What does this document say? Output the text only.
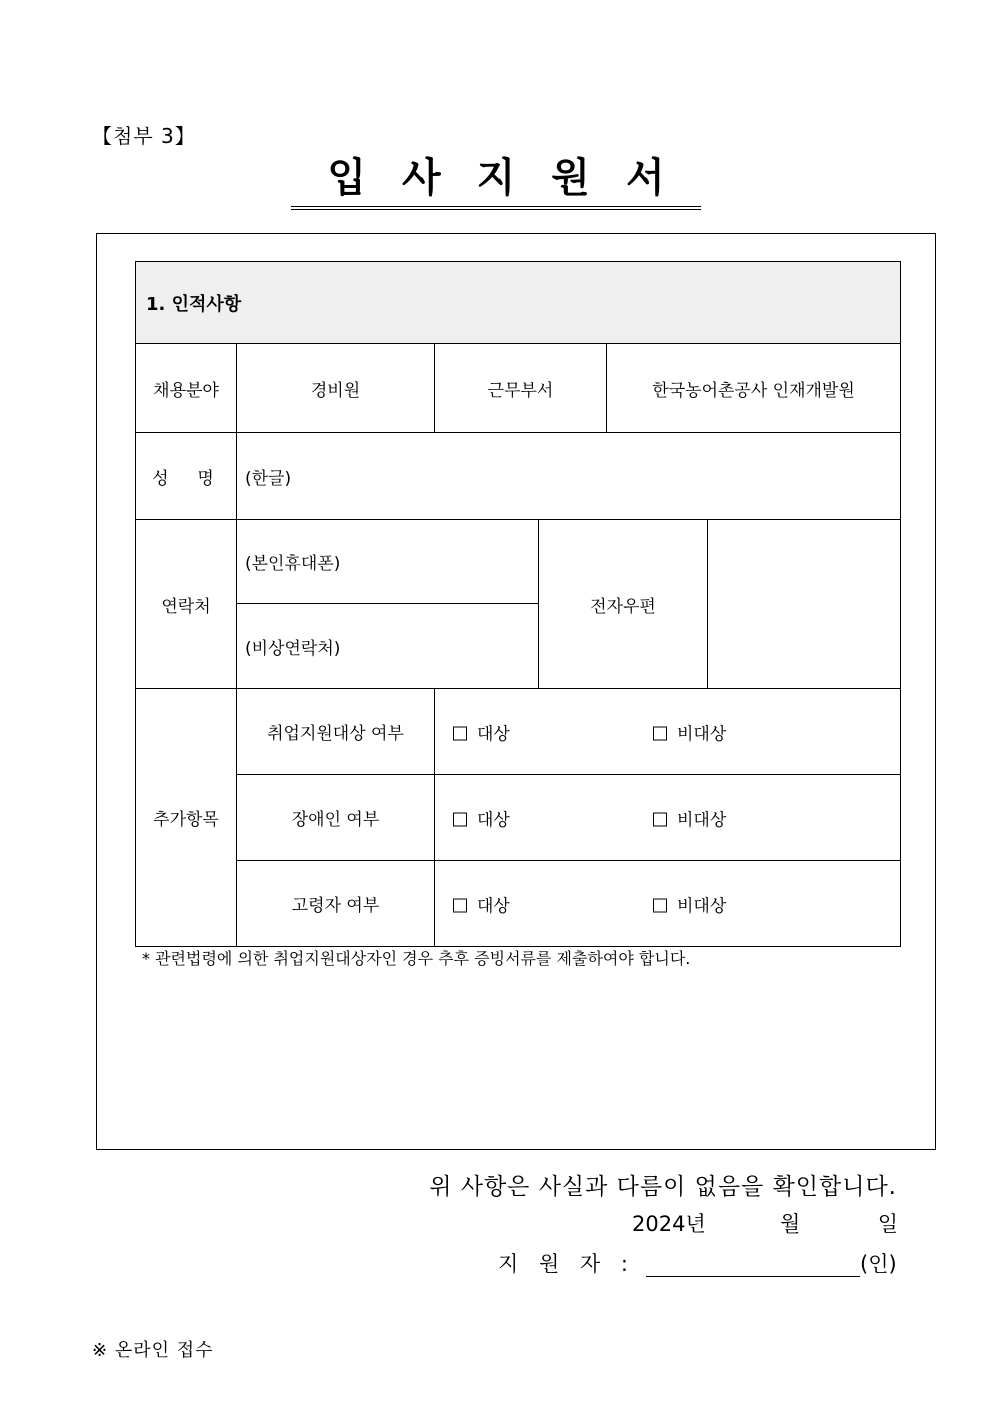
【첨부 3】
입사지원서
1. 인적사항					
채용분야	경비원	근무부서		한국농어촌공사 인재개발원	
성  명	(한글)				
연락처	(본인휴대폰)		전자우편		
	(비상연락처)				
추가항목	취업지원대상 여부	대상 비대상			

	장애인 여부	대상 비대상			

	고령자 여부	대상 비대상			
* 관련법령에 의한 취업지원대상자인 경우 추후 증빙서류를 제출하여야 합니다.
위 사항은 사실과 다름이 없음을 확인합니다.
2024년	월	일
지 원 자 :	(인)
※ 온라인 접수
